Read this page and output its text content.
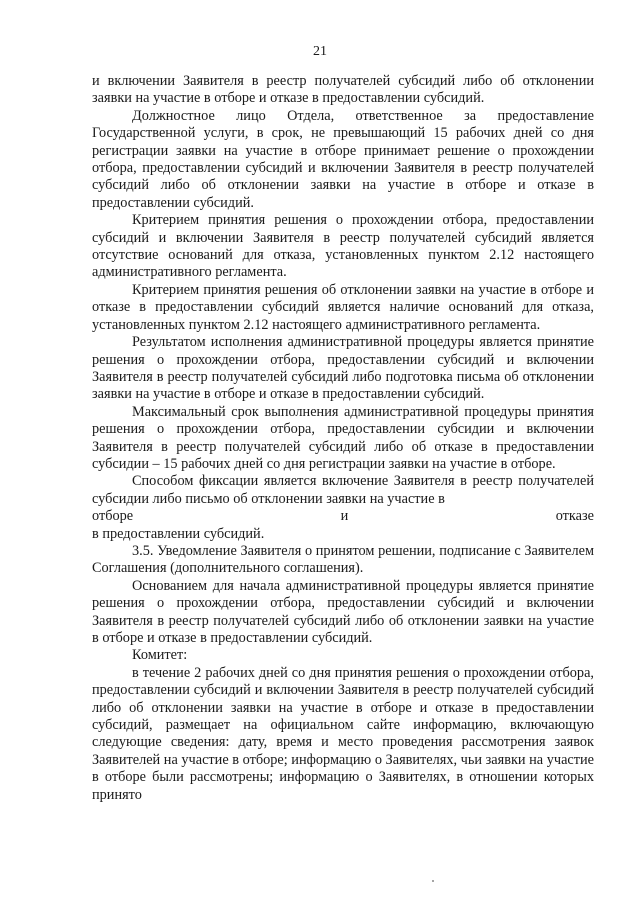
21

и включении Заявителя в реестр получателей субсидий либо об отклонении заявки на участие в отборе и отказе в предоставлении субсидий.

Должностное лицо Отдела, ответственное за предоставление Государственной услуги, в срок, не превышающий 15 рабочих дней со дня регистрации заявки на участие в отборе принимает решение о прохождении отбора, предоставлении субсидий и включении Заявителя в реестр получателей субсидий либо об отклонении заявки на участие в отборе и отказе в предоставлении субсидий.

Критерием принятия решения о прохождении отбора, предоставлении субсидий и включении Заявителя в реестр получателей субсидий является отсутствие оснований для отказа, установленных пунктом 2.12 настоящего административного регламента.

Критерием принятия решения об отклонении заявки на участие в отборе и отказе в предоставлении субсидий является наличие оснований для отказа, установленных пунктом 2.12 настоящего административного регламента.

Результатом исполнения административной процедуры является принятие решения о прохождении отбора, предоставлении субсидий и включении Заявителя в реестр получателей субсидий либо подготовка письма об отклонении заявки на участие в отборе и отказе в предоставлении субсидий.

Максимальный срок выполнения административной процедуры принятия решения о прохождении отбора, предоставлении субсидии и включении Заявителя в реестр получателей субсидий либо об отказе в предоставлении субсидии – 15 рабочих дней со дня регистрации заявки на участие в отборе.

Способом фиксации является включение Заявителя в реестр получателей субсидии либо письмо об отклонении заявки на участие в

отборе и отказе

в предоставлении субсидий.

3.5. Уведомление Заявителя о принятом решении, подписание с Заявителем Соглашения (дополнительного соглашения).

Основанием для начала административной процедуры является принятие решения о прохождении отбора, предоставлении субсидий и включении Заявителя в реестр получателей субсидий либо об отклонении заявки на участие в отборе и отказе в предоставлении субсидий.

Комитет:

в течение 2 рабочих дней со дня принятия решения о прохождении отбора, предоставлении субсидий и включении Заявителя в реестр получателей субсидий либо об отклонении заявки на участие в отборе и отказе в предоставлении субсидий, размещает на официальном сайте информацию, включающую следующие сведения: дату, время и место проведения рассмотрения заявок Заявителей на участие в отборе; информацию о Заявителях, чьи заявки на участие в отборе были рассмотрены; информацию о Заявителях, в отношении которых принято
